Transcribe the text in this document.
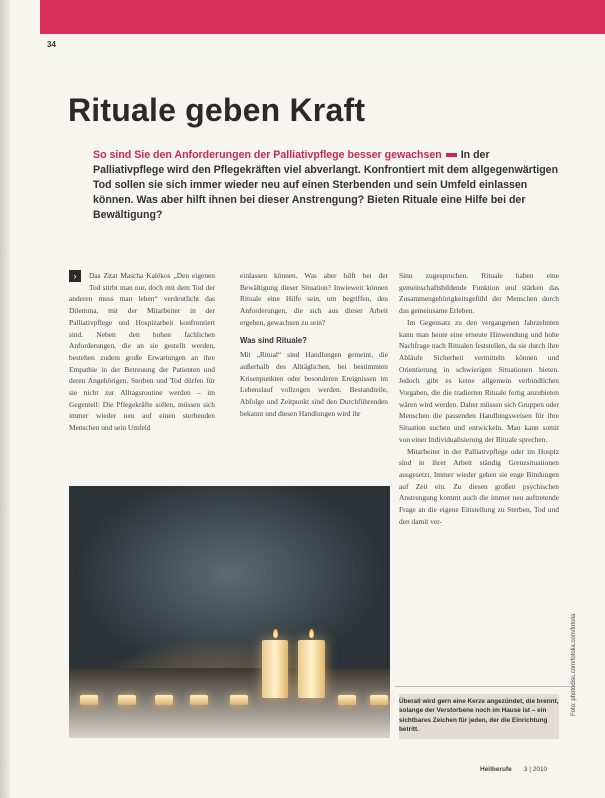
34
Rituale geben Kraft
So sind Sie den Anforderungen der Palliativpflege besser gewachsen In der Palliativpflege wird den Pflegekräften viel abverlangt. Konfrontiert mit dem allgegenwärtigen Tod sollen sie sich immer wieder neu auf einen Sterbenden und sein Umfeld einlassen können. Was aber hilft ihnen bei dieser Anstrengung? Bieten Rituale eine Hilfe bei der Bewältigung?
›	Das Zitat Mascha Kalékos „Den eigenen Tod stirbt man nur, doch mit dem Tod der anderen muss man leben“ verdeutlicht das Dilemma, mit der Mitarbeiter in der Palliativpflege und Hospizarbeit konfrontiert sind. Neben den hohen fachlichen Anforderungen, die an sie gestellt werden, bestehen zudem große Erwartungen an ihre Empathie in der Betreuung der Patienten und deren Angehörigen. Sterben und Tod dürfen für sie nicht zur Alltagsroutine werden – im Gegenteil: Die Pflegekräfte sollen, müssen sich immer wieder neu auf einen sterbenden Menschen und sein Umfeld

einlassen können. Was aber hilft bei der Bewältigung dieser Situation? Inwieweit können Rituale eine Hilfe sein, um begriffen, den Anforderungen, die sich aus dieser Arbeit ergeben, gewachsen zu sein?

Was sind Rituale?

Mit „Ritual“ sind Handlungen gemeint, die außerhalb des Alltäglichen, bei bestimmten Krisenpunkten oder besonderen Ereignissen im Lebenslauf vollzogen werden. Bestandteile, Abfolge und Zeitpunkt sind den Durchführenden bekannt und diesen Handlungen wird ihr

Sinn zugesprochen. Rituale haben eine gemeinschaftsbildende Funktion und stärken das Zusammengehörigkeitsgefühl der Menschen durch das gemeinsame Erleben.

Im Gegensatz zu den vergangenen Jahrzehnten kann man heute eine erneute Hinwendung und hohe Nachfrage nach Ritualen feststellen, da sie durch ihre Abläufe Sicherheit vermitteln können und Orientierung in schwierigen Situationen bieten. Jedoch gibt es keine allgemein verbindlichen Vorgaben, die die tradierten Rituale fertig anzubieten wären wird werden. Daher müssen sich Gruppen oder Menschen die passenden Handlungsweisen für ihre Situation suchen und entwickeln. Man kann somit von einer Individualisierung der Rituale sprechen.

Mitarbeiter in der Palliativpflege oder im Hospiz sind in ihrer Arbeit ständig Grenzsituationen ausgesetzt. Immer wieder gehen sie enge Bindungen auf Zeit ein. Zu diesen großen psychischen Anstrengung kommt auch die immer neu auftretende Frage an die eigene Einstellung zu Sterben, Tod und den damit ver-

Überall wird gern eine Kerze angezündet, die brennt, solange der Verstorbene noch im Hause ist – ein sichtbares Zeichen für jeden, der die Einrichtung betritt.
Foto: photodisc.com/fotolia.com/fotolia
Heilberufe 3 | 2010
